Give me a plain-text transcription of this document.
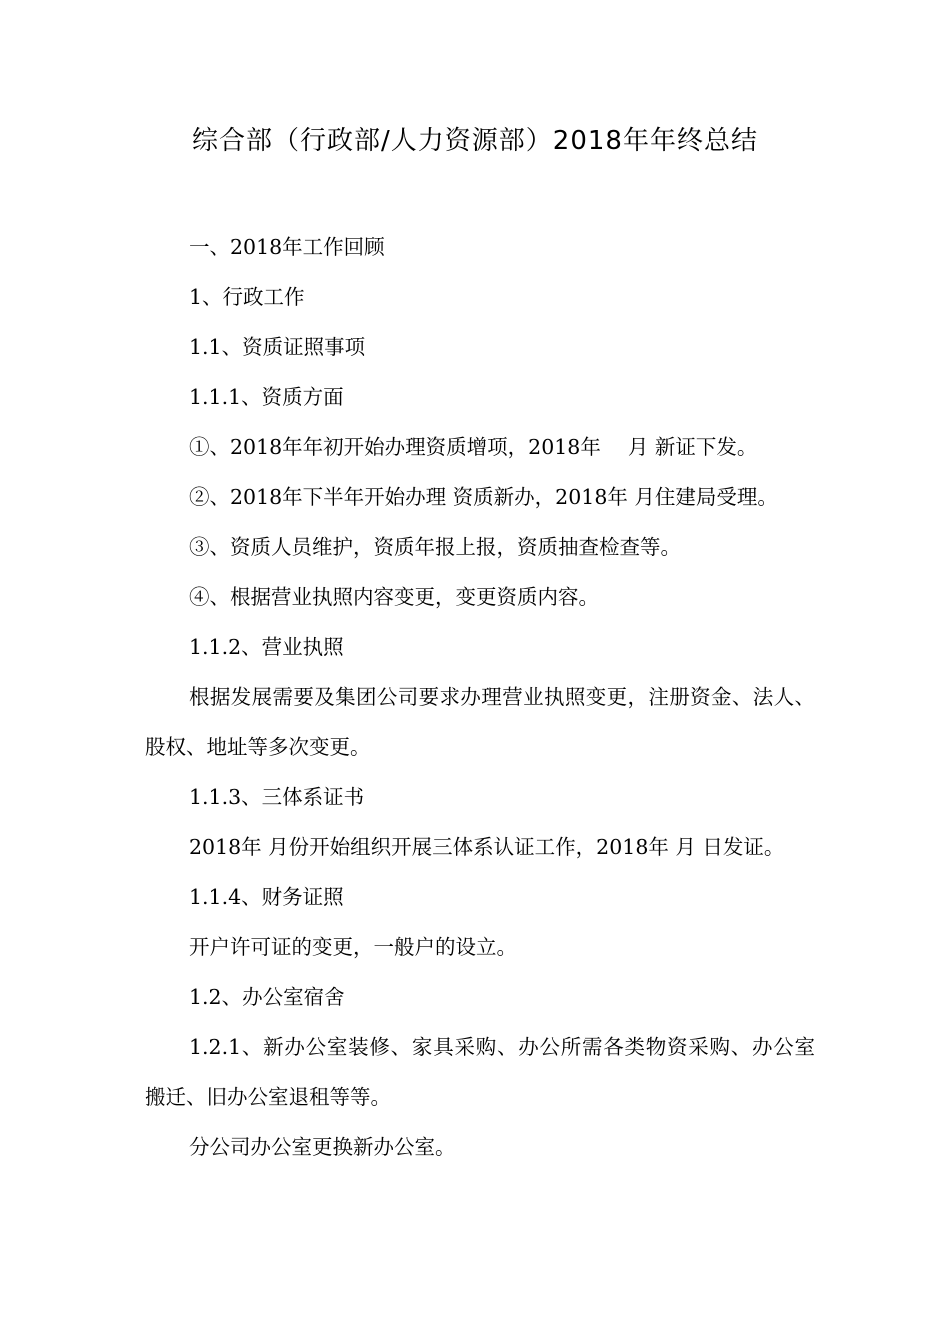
综合部（行政部/人力资源部）2018年年终总结

一、2018年工作回顾

1、行政工作

1.1、资质证照事项

1.1.1、资质方面

①、2018年年初开始办理资质增项，2018年　 月 新证下发。

②、2018年下半年开始办理 资质新办，2018年 月住建局受理。

③、资质人员维护，资质年报上报，资质抽查检查等。

④、根据营业执照内容变更，变更资质内容。

1.1.2、营业执照

根据发展需要及集团公司要求办理营业执照变更，注册资金、法人、股权、地址等多次变更。

1.1.3、三体系证书

2018年 月份开始组织开展三体系认证工作，2018年 月 日发证。

1.1.4、财务证照

开户许可证的变更，一般户的设立。

1.2、办公室宿舍

1.2.1、新办公室装修、家具采购、办公所需各类物资采购、办公室搬迁、旧办公室退租等等。

分公司办公室更换新办公室。
